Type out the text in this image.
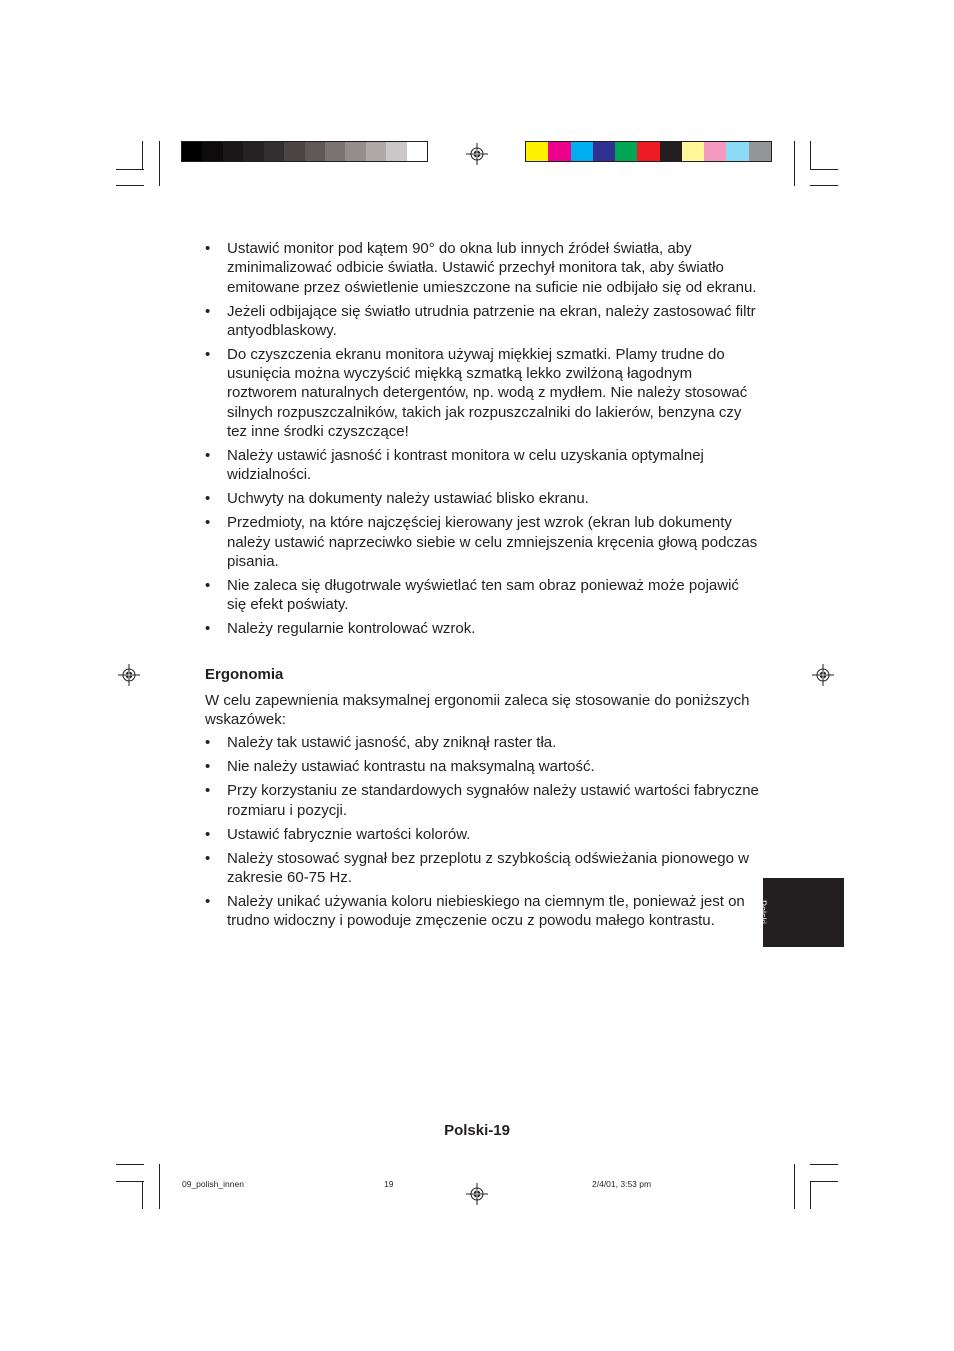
• Ustawić monitor pod kątem 90° do okna lub innych źródeł światła, aby zminimalizować odbicie światła. Ustawić przechył monitora tak, aby światło emitowane przez oświetlenie umieszczone na suficie nie odbijało się od ekranu.
• Jeżeli odbijające się światło utrudnia patrzenie na ekran, należy zastosować filtr antyodblaskowy.
• Do czyszczenia ekranu monitora używaj miękkiej szmatki. Plamy trudne do usunięcia można wyczyścić miękką szmatką lekko zwilżoną łagodnym roztworem naturalnych detergentów, np. wodą z mydłem. Nie należy stosować silnych rozpuszczalników, takich jak rozpuszczalniki do lakierów, benzyna czy tez inne środki czyszczące!
• Należy ustawić jasność i kontrast monitora w celu uzyskania optymalnej widzialności.
• Uchwyty na dokumenty należy ustawiać blisko ekranu.
• Przedmioty, na które najczęściej kierowany jest wzrok (ekran lub dokumenty należy ustawić naprzeciwko siebie w celu zmniejszenia kręcenia głową podczas pisania.
• Nie zaleca się długotrwale wyświetlać ten sam obraz ponieważ może pojawić się efekt poświaty.
• Należy regularnie kontrolować wzrok.
Ergonomia
W celu zapewnienia maksymalnej ergonomii zaleca się stosowanie do poniższych wskazówek:
• Należy tak ustawić jasność, aby zniknął raster tła.
• Nie należy ustawiać kontrastu na maksymalną wartość.
• Przy korzystaniu ze standardowych sygnałów należy ustawić wartości fabryczne rozmiaru i pozycji.
• Ustawić fabrycznie wartości kolorów.
• Należy stosować sygnał bez przeplotu z szybkością odświeżania pionowego w zakresie 60-75 Hz.
• Należy unikać używania koloru niebieskiego na ciemnym tle, ponieważ jest on trudno widoczny i powoduje zmęczenie oczu z powodu małego kontrastu.	Polski
Polski-19
09_polish_innen	19	2/4/01, 3:53 pm
